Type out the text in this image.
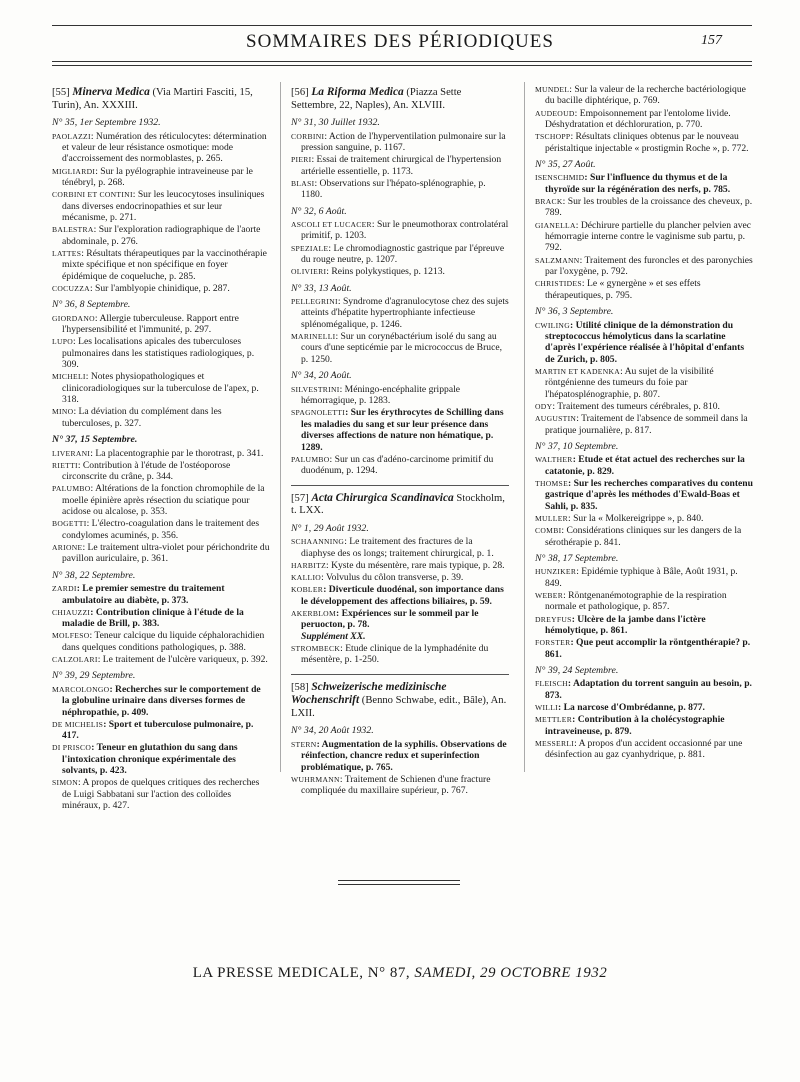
SOMMAIRES DES PÉRIODIQUES	157
[55] Minerva Medica (Via Martiri Fasciti, 15, Turin), An. XXXIII.
N° 35, 1er Septembre 1932.
PAOLAZZI: Numération des réticulocytes: détermination et valeur de leur résistance osmotique: mode d'accroissement des normoblastes, p. 265.
MIGLIARDI: Sur la pyélographie intraveineuse par le ténébryl, p. 268.
CORBINI ET CONTINI: Sur les leucocytoses insuliniques dans diverses endocrinopathies et sur leur mécanisme, p. 271.
BALESTRA: Sur l'exploration radiographique de l'aorte abdominale, p. 276.
LATTES: Résultats thérapeutiques par la vaccinothérapie mixte spécifique et non spécifique en foyer épidémique de coqueluche, p. 285.
COCUZZA: Sur l'amblyopie chinidique, p. 287.
N° 36, 8 Septembre.
GIORDANO: Allergie tuberculeuse. Rapport entre l'hypersensibilité et l'immunité, p. 297.
LUPO: Les localisations apicales des tuberculoses pulmonaires dans les statistiques radiologiques, p. 309.
MICHELI: Notes physiopathologiques et clinicoradiologiques sur la tuberculose de l'apex, p. 318.
MINO: La déviation du complément dans les tuberculoses, p. 327.
N° 37, 15 Septembre.
LIVERANI: La placentographie par le thorotrast, p. 341.
RIETTI: Contribution à l'étude de l'ostéoporose circonscrite du crâne, p. 344.
PALUMBO: Altérations de la fonction chromophile de la moelle épinière après résection du sciatique pour acidose ou alcalose, p. 353.
BOGETTI: L'électro-coagulation dans le traitement des condylomes acuminés, p. 356.
ARIONE: Le traitement ultra-violet pour périchondrite du pavillon auriculaire, p. 361.
N° 38, 22 Septembre.
ZARDI: Le premier semestre du traitement ambulatoire au diabète, p. 373.
CHIAUZZI: Contribution clinique à l'étude de la maladie de Brill, p. 383.
MOLFESO: Teneur calcique du liquide céphalorachidien dans quelques conditions pathologiques, p. 388.
CALZOLARI: Le traitement de l'ulcère variqueux, p. 392.
N° 39, 29 Septembre.
MARCOLONGO: Recherches sur le comportement de la globuline urinaire dans diverses formes de néphropathie, p. 409.
DE MICHELIS: Sport et tuberculose pulmonaire, p. 417.
DI PRISCO: Teneur en glutathion du sang dans l'intoxication chronique expérimentale des solvants, p. 423.
SIMON: A propos de quelques critiques des recherches de Luigi Sabbatani sur l'action des colloïdes minéraux, p. 427.
[56] La Riforma Medica (Piazza Sette Settembre, 22, Naples), An. XLVIII.
N° 31, 30 Juillet 1932.
CORBINI: Action de l'hyperventilation pulmonaire sur la pression sanguine, p. 1167.
PIERI: Essai de traitement chirurgical de l'hypertension artérielle essentielle, p. 1173.
BLASI: Observations sur l'hépato-splénographie, p. 1180.
N° 32, 6 Août.
ASCOLI ET LUCACER: Sur le pneumothorax controlatéral primitif, p. 1203.
SPEZIALE: Le chromodiagnostic gastrique par l'épreuve du rouge neutre, p. 1207.
OLIVIERI: Reins polykystiques, p. 1213.
N° 33, 13 Août.
PELLEGRINI: Syndrome d'agranulocytose chez des sujets atteints d'hépatite hypertrophiante infectieuse splénomégalique, p. 1246.
MARINELLI: Sur un corynébactérium isolé du sang au cours d'une septicémie par le micrococcus de Bruce, p. 1250.
N° 34, 20 Août.
SILVESTRINI: Méningo-encéphalite grippale hémorragique, p. 1283.
SPAGNOLETTI: Sur les érythrocytes de Schilling dans les maladies du sang et sur leur présence dans diverses affections de nature non hématique, p. 1289.
PALUMBO: Sur un cas d'adéno-carcinome primitif du duodénum, p. 1294.
[57] Acta Chirurgica Scandinavica Stockholm, t. LXX.
N° 1, 29 Août 1932.
SCHAANNING: Le traitement des fractures de la diaphyse des os longs; traitement chirurgical, p. 1.
HARBITZ: Kyste du mésentère, rare mais typique, p. 28.
KALLIO: Volvulus du côlon transverse, p. 39.
KOBLER: Diverticule duodénal, son importance dans le développement des affections biliaires, p. 59.
AKERBLOM: Expériences sur le sommeil par le peruocton, p. 78.
Supplément XX.
STROMBECK: Etude clinique de la lymphadénite du mésentère, p. 1-250.
[58] Schweizerische medizinische Wochenschrift (Benno Schwabe, edit., Bâle), An. LXII.
N° 34, 20 Août 1932.
STERN: Augmentation de la syphilis. Observations de réinfection, chancre redux et superinfection problématique, p. 765.
WUHRMANN: Traitement de Schienen d'une fracture compliquée du maxillaire supérieur, p. 767.
MUNDEL: Sur la valeur de la recherche bactériologique du bacille diphtérique, p. 769.
AUDEOUD: Empoisonnement par l'entolome livide. Déshydratation et déchloruration, p. 770.
TSCHOPP: Résultats cliniques obtenus par le nouveau péristaltique injectable « prostigmin Roche », p. 772.
N° 35, 27 Août.
ISENSCHMID: Sur l'influence du thymus et de la thyroïde sur la régénération des nerfs, p. 785.
BRACK: Sur les troubles de la croissance des cheveux, p. 789.
GIANELLA: Déchirure partielle du plancher pelvien avec hémorragie interne contre le vaginisme sub partu, p. 792.
SALZMANN: Traitement des furoncles et des paronychies par l'oxygène, p. 792.
CHRISTIDES: Le « gynergène » et ses effets thérapeutiques, p. 795.
N° 36, 3 Septembre.
CWILING: Utilité clinique de la démonstration du streptococcus hémolyticus dans la scarlatine d'après l'expérience réalisée à l'hôpital d'enfants de Zurich, p. 805.
MARTIN ET KADENKA: Au sujet de la visibilité röntgénienne des tumeurs du foie par l'hépatosplénographie, p. 807.
ODY: Traitement des tumeurs cérébrales, p. 810.
AUGUSTIN: Traitement de l'absence de sommeil dans la pratique journalière, p. 817.
N° 37, 10 Septembre.
WALTHER: Etude et état actuel des recherches sur la catatonie, p. 829.
THOMSE: Sur les recherches comparatives du contenu gastrique d'après les méthodes d'Ewald-Boas et Sahli, p. 835.
MULLER: Sur la « Molkereigrippe », p. 840.
COMBI: Considérations cliniques sur les dangers de la sérothérapie p. 841.
N° 38, 17 Septembre.
HUNZIKER: Epidémie typhique à Bâle, Août 1931, p. 849.
WEBER: Röntgenanémotographie de la respiration normale et pathologique, p. 857.
DREYFUS: Ulcère de la jambe dans l'ictère hémolytique, p. 861.
FORSTER: Que peut accomplir la röntgenthérapie? p. 861.
N° 39, 24 Septembre.
FLEISCH: Adaptation du torrent sanguin au besoin, p. 873.
WILLI: La narcose d'Ombrédanne, p. 877.
METTLER: Contribution à la cholécystographie intraveineuse, p. 879.
MESSERLI: A propos d'un accident occasionné par une désinfection au gaz cyanhydrique, p. 881.
LA PRESSE MEDICALE, N° 87, SAMEDI, 29 OCTOBRE 1932
